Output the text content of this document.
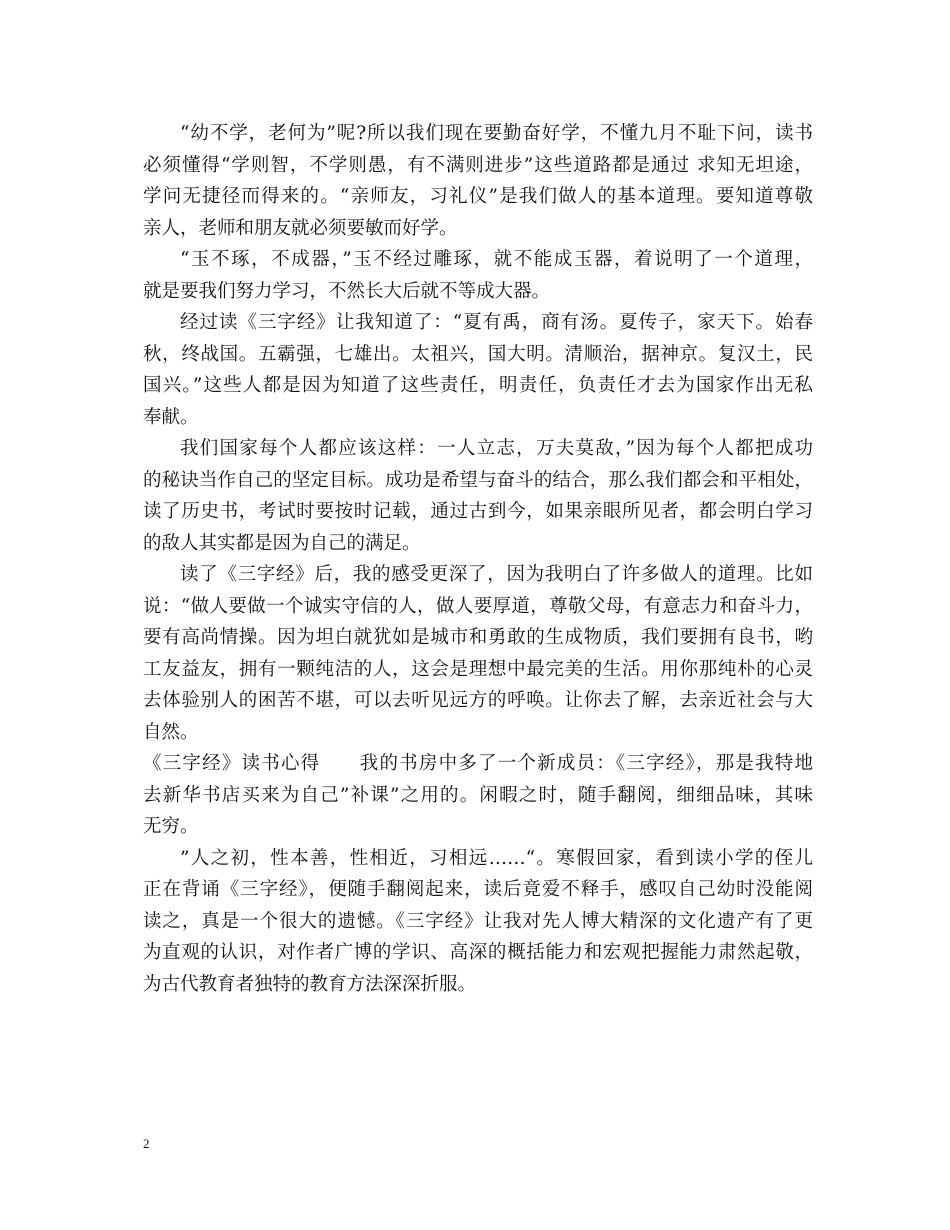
“幼不学，老何为”呢?所以我们现在要勤奋好学，不懂九月不耻下问，读书
必须懂得“学则智，不学则愚，有不满则进步”这些道路都是通过 求知无坦途，
学问无捷径而得来的。“亲师友，习礼仪”是我们做人的基本道理。要知道尊敬
亲人，老师和朋友就必须要敏而好学。
“玉不琢，不成器，”玉不经过雕琢，就不能成玉器，着说明了一个道理，
就是要我们努力学习，不然长大后就不等成大器。
经过读《三字经》让我知道了：“夏有禹，商有汤。夏传子，家天下。始春
秋，终战国。五霸强，七雄出。太祖兴，国大明。清顺治，据神京。复汉土，民
国兴。”这些人都是因为知道了这些责任，明责任，负责任才去为国家作出无私
奉献。
我们国家每个人都应该这样：一人立志，万夫莫敌，”因为每个人都把成功
的秘诀当作自己的坚定目标。成功是希望与奋斗的结合，那么我们都会和平相处，
读了历史书，考试时要按时记载，通过古到今，如果亲眼所见者，都会明白学习
的敌人其实都是因为自己的满足。
读了《三字经》后，我的感受更深了，因为我明白了许多做人的道理。比如
说：“做人要做一个诚实守信的人，做人要厚道，尊敬父母，有意志力和奋斗力，
要有高尚情操。因为坦白就犹如是城市和勇敢的生成物质，我们要拥有良书，哟
工友益友，拥有一颗纯洁的人，这会是理想中最完美的生活。用你那纯朴的心灵
去体验别人的困苦不堪，可以去听见远方的呼唤。让你去了解，去亲近社会与大
自然。
《三字经》读书心得　　我的书房中多了一个新成员：《三字经》，那是我特地
去新华书店买来为自己”补课”之用的。闲暇之时，随手翻阅，细细品味，其味
无穷。
”人之初，性本善，性相近，习相远……“。寒假回家，看到读小学的侄儿
正在背诵《三字经》，便随手翻阅起来，读后竟爱不释手，感叹自己幼时没能阅
读之，真是一个很大的遗憾。《三字经》让我对先人博大精深的文化遗产有了更
为直观的认识，对作者广博的学识、高深的概括能力和宏观把握能力肃然起敬，
为古代教育者独特的教育方法深深折服。
2
